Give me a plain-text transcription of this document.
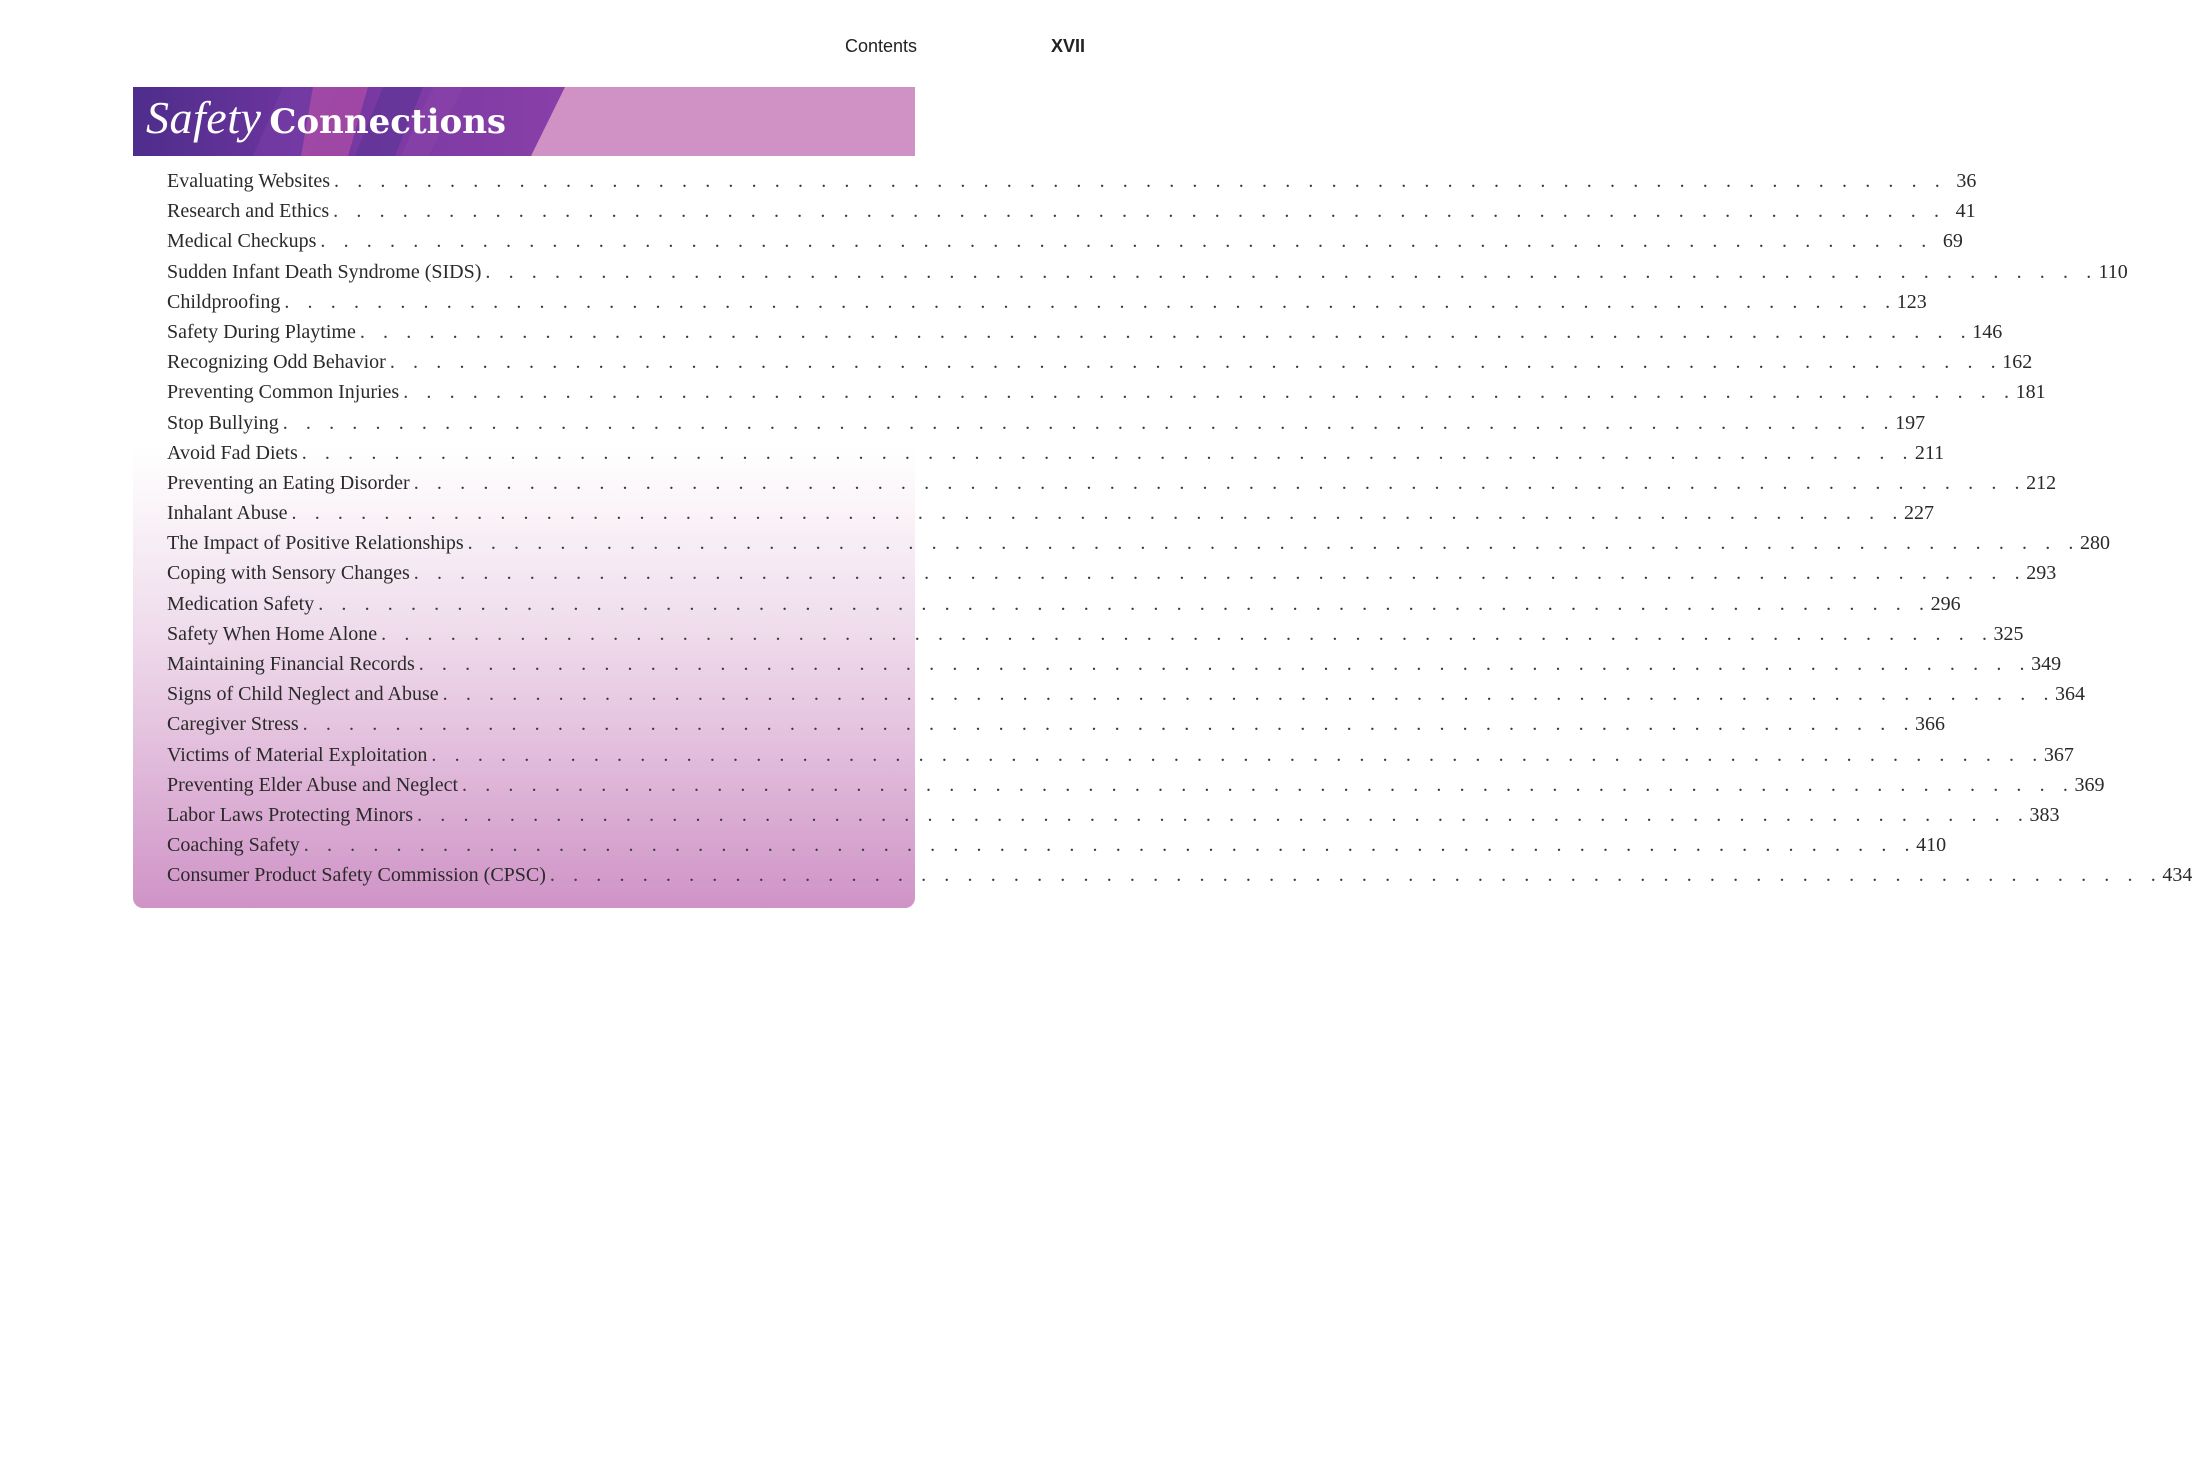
Contents	XVII
Safety Connections
Evaluating Websites . . . . . . . . . . . . . . . . . . . . . . . . . . . . . . . . . . . . . . . . . . . . . . . . . . . . . . . . . . . . . . . . . . . . . . 36
Research and Ethics . . . . . . . . . . . . . . . . . . . . . . . . . . . . . . . . . . . . . . . . . . . . . . . . . . . . . . . . . . . . . . . . . . . . . . 41
Medical Checkups . . . . . . . . . . . . . . . . . . . . . . . . . . . . . . . . . . . . . . . . . . . . . . . . . . . . . . . . . . . . . . . . . . . . . . 69
Sudden Infant Death Syndrome (SIDS) . . . . . . . . . . . . . . . . . . . . . . . . . . . . . . . . . . . . . . . . . . . . . . . . . . . . . . . . . . . . . . . . . . . . . . 110
Childproofing . . . . . . . . . . . . . . . . . . . . . . . . . . . . . . . . . . . . . . . . . . . . . . . . . . . . . . . . . . . . . . . . . . . . . . 123
Safety During Playtime . . . . . . . . . . . . . . . . . . . . . . . . . . . . . . . . . . . . . . . . . . . . . . . . . . . . . . . . . . . . . . . . . . . . . . 146
Recognizing Odd Behavior . . . . . . . . . . . . . . . . . . . . . . . . . . . . . . . . . . . . . . . . . . . . . . . . . . . . . . . . . . . . . . . . . . . . . . 162
Preventing Common Injuries . . . . . . . . . . . . . . . . . . . . . . . . . . . . . . . . . . . . . . . . . . . . . . . . . . . . . . . . . . . . . . . . . . . . . . 181
Stop Bullying . . . . . . . . . . . . . . . . . . . . . . . . . . . . . . . . . . . . . . . . . . . . . . . . . . . . . . . . . . . . . . . . . . . . . . 197
Avoid Fad Diets . . . . . . . . . . . . . . . . . . . . . . . . . . . . . . . . . . . . . . . . . . . . . . . . . . . . . . . . . . . . . . . . . . . . . . 211
Preventing an Eating Disorder . . . . . . . . . . . . . . . . . . . . . . . . . . . . . . . . . . . . . . . . . . . . . . . . . . . . . . . . . . . . . . . . . . . . . . 212
Inhalant Abuse . . . . . . . . . . . . . . . . . . . . . . . . . . . . . . . . . . . . . . . . . . . . . . . . . . . . . . . . . . . . . . . . . . . . . . 227
The Impact of Positive Relationships . . . . . . . . . . . . . . . . . . . . . . . . . . . . . . . . . . . . . . . . . . . . . . . . . . . . . . . . . . . . . . . . . . . . . . 280
Coping with Sensory Changes . . . . . . . . . . . . . . . . . . . . . . . . . . . . . . . . . . . . . . . . . . . . . . . . . . . . . . . . . . . . . . . . . . . . . . 293
Medication Safety . . . . . . . . . . . . . . . . . . . . . . . . . . . . . . . . . . . . . . . . . . . . . . . . . . . . . . . . . . . . . . . . . . . . . . 296
Safety When Home Alone . . . . . . . . . . . . . . . . . . . . . . . . . . . . . . . . . . . . . . . . . . . . . . . . . . . . . . . . . . . . . . . . . . . . . . 325
Maintaining Financial Records . . . . . . . . . . . . . . . . . . . . . . . . . . . . . . . . . . . . . . . . . . . . . . . . . . . . . . . . . . . . . . . . . . . . . . 349
Signs of Child Neglect and Abuse . . . . . . . . . . . . . . . . . . . . . . . . . . . . . . . . . . . . . . . . . . . . . . . . . . . . . . . . . . . . . . . . . . . . . . 364
Caregiver Stress . . . . . . . . . . . . . . . . . . . . . . . . . . . . . . . . . . . . . . . . . . . . . . . . . . . . . . . . . . . . . . . . . . . . . . 366
Victims of Material Exploitation . . . . . . . . . . . . . . . . . . . . . . . . . . . . . . . . . . . . . . . . . . . . . . . . . . . . . . . . . . . . . . . . . . . . . . 367
Preventing Elder Abuse and Neglect . . . . . . . . . . . . . . . . . . . . . . . . . . . . . . . . . . . . . . . . . . . . . . . . . . . . . . . . . . . . . . . . . . . . . . 369
Labor Laws Protecting Minors . . . . . . . . . . . . . . . . . . . . . . . . . . . . . . . . . . . . . . . . . . . . . . . . . . . . . . . . . . . . . . . . . . . . . . 383
Coaching Safety . . . . . . . . . . . . . . . . . . . . . . . . . . . . . . . . . . . . . . . . . . . . . . . . . . . . . . . . . . . . . . . . . . . . . . 410
Consumer Product Safety Commission (CPSC) . . . . . . . . . . . . . . . . . . . . . . . . . . . . . . . . . . . . . . . . . . . . . . . . . . . . . . . . . . . . . . . . . . . . . . 434
